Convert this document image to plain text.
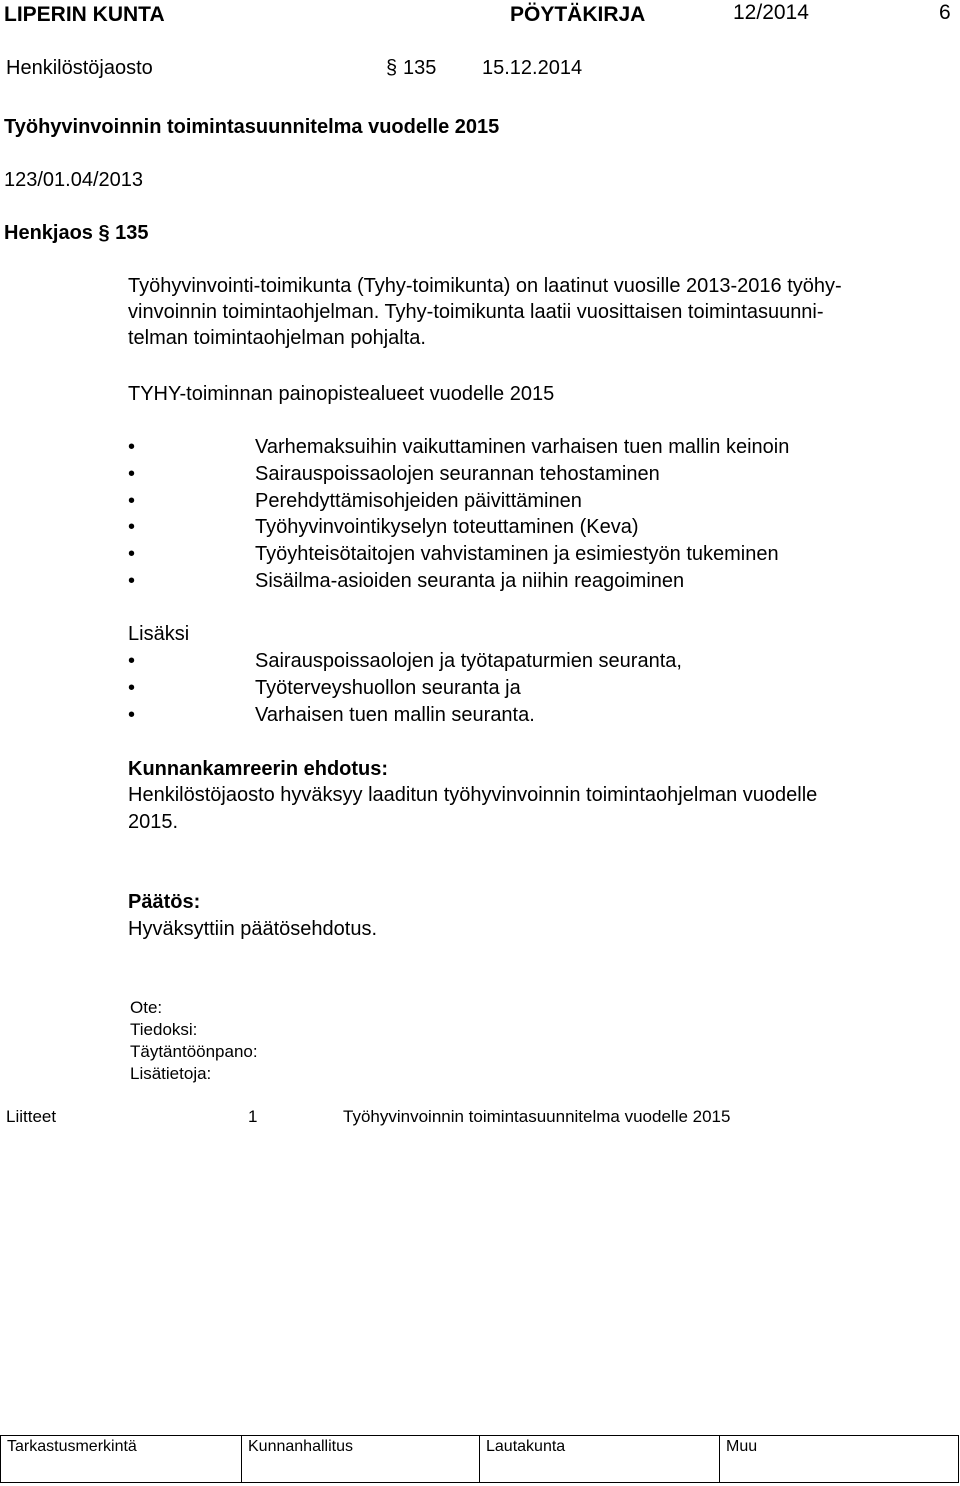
LIPERIN KUNTA	PÖYTÄKIRJA	12/2014	6
Henkilöstöjaosto	§ 135 15.12.2014
Työhyvinvoinnin toimintasuunnitelma vuodelle 2015
123/01.04/2013
Henkjaos § 135
Työhyvinvointi-toimikunta (Tyhy-toimikunta) on laatinut vuosille 2013-2016 työhy-
vinvoinnin toimintaohjelman. Tyhy-toimikunta laatii vuosittaisen toimintasuunni-
telman toimintaohjelman pohjalta.
TYHY-toiminnan painopistealueet vuodelle 2015
•	Varhemaksuihin vaikuttaminen varhaisen tuen mallin keinoin
•	Sairauspoissaolojen seurannan tehostaminen
•	Perehdyttämisohjeiden päivittäminen
•	Työhyvinvointikyselyn toteuttaminen (Keva)
•	Työyhteisötaitojen vahvistaminen ja esimiestyön tukeminen
•	Sisäilma-asioiden seuranta ja niihin reagoiminen
Lisäksi
•	Sairauspoissaolojen ja työtapaturmien seuranta,
•	Työterveyshuollon seuranta ja
•	Varhaisen tuen mallin seuranta.
Kunnankamreerin ehdotus:
Henkilöstöjaosto hyväksyy laaditun työhyvinvoinnin toimintaohjelman vuodelle
2015.
Päätös:
Hyväksyttiin päätösehdotus.
Ote:
Tiedoksi:
Täytäntöönpano:
Lisätietoja:
Liitteet	1	Työhyvinvoinnin toimintasuunnitelma vuodelle 2015
Tarkastusmerkintä	Kunnanhallitus	Lautakunta	Muu
